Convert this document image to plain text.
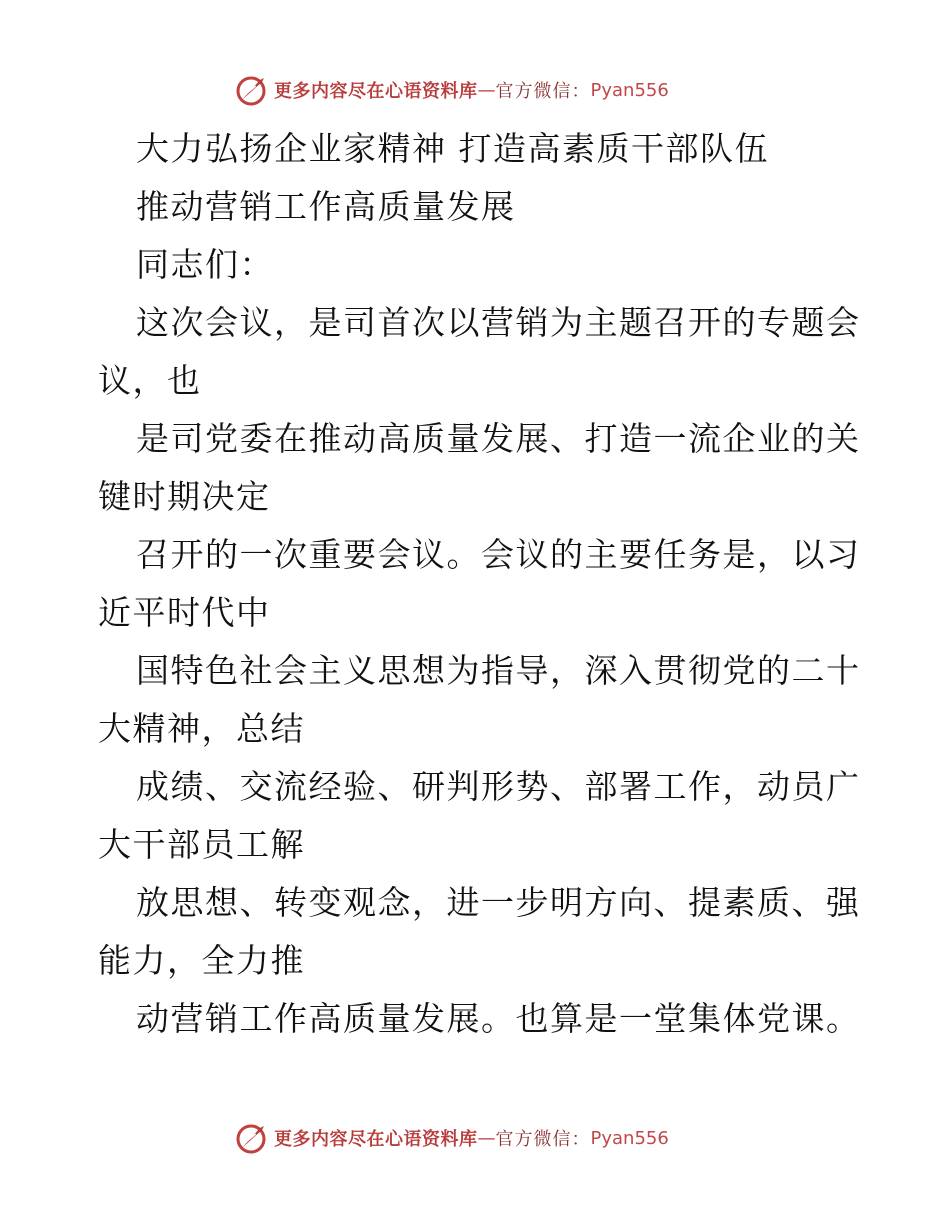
更多内容尽在心语资料库 — 官方微信： Pyan556
大力弘扬企业家精神 打造高素质干部队伍
推动营销工作高质量发展
同志们：
这次会议，是司首次以营销为主题召开的专题会
议，也
是司党委在推动高质量发展、打造一流企业的关
键时期决定
召开的一次重要会议。会议的主要任务是，以习
近平时代中
国特色社会主义思想为指导，深入贯彻党的二十
大精神，总结
成绩、交流经验、研判形势、部署工作，动员广
大干部员工解
放思想、转变观念，进一步明方向、提素质、强
能力，全力推
动营销工作高质量发展。也算是一堂集体党课。
更多内容尽在心语资料库 — 官方微信： Pyan556
